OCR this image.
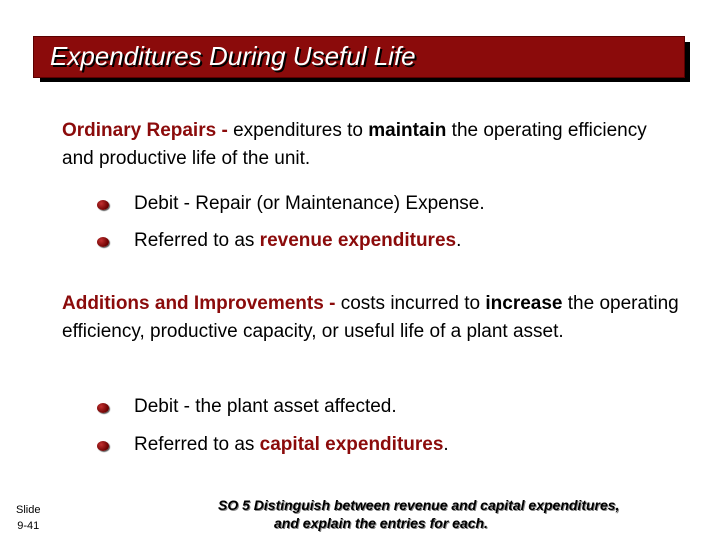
Expenditures During Useful Life

Ordinary Repairs - expenditures to maintain the operating efficiency and productive life of the unit.

Debit - Repair (or Maintenance) Expense.
Referred to as revenue expenditures.

Additions and Improvements - costs incurred to increase the operating efficiency, productive capacity, or useful life of a plant asset.

Debit - the plant asset affected.
Referred to as capital expenditures.
Slide
9-41
SO 5 Distinguish between revenue and capital expenditures,
and explain the entries for each.
